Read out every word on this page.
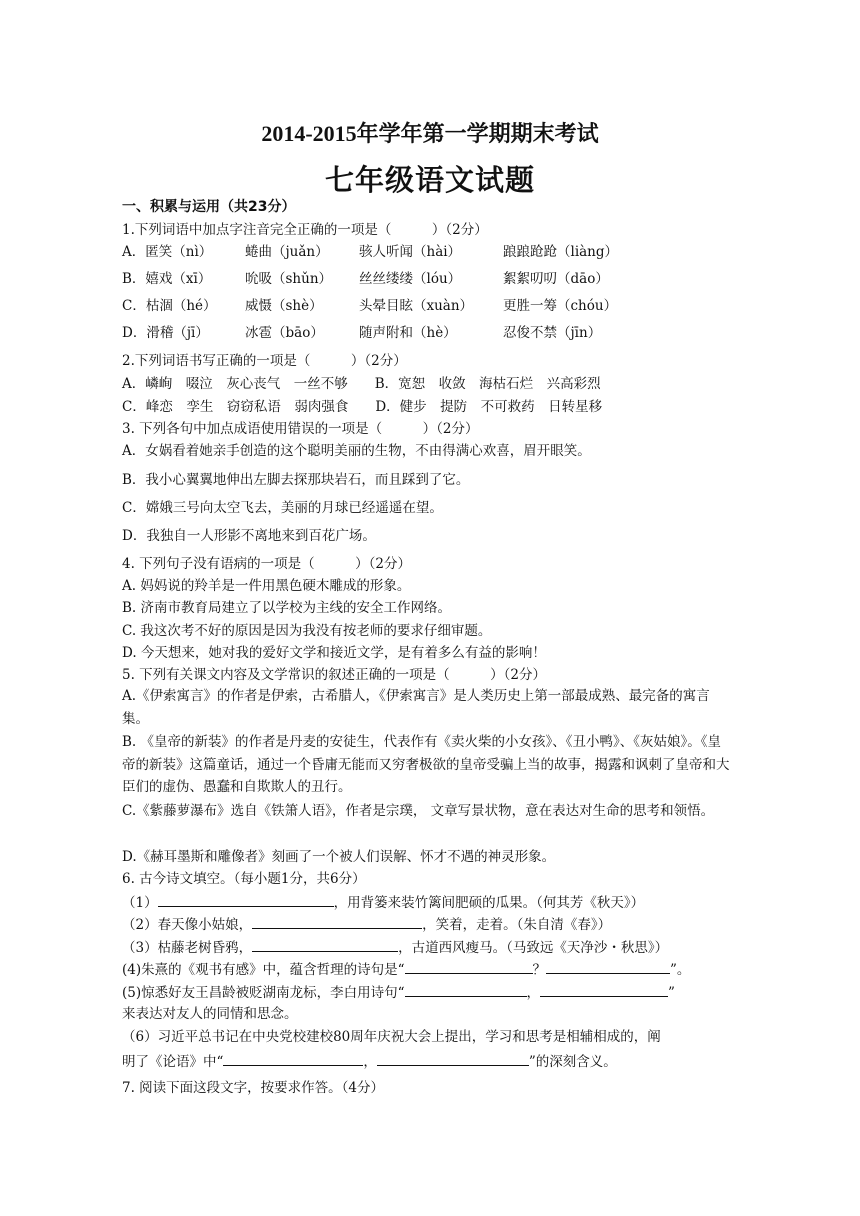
2014-2015年学年第一学期期末考试
七年级语文试题
一、积累与运用（共23分）
1.下列词语中加点字注音完全正确的一项是（　　　）（2分）
A．匿笑（nì） 蜷曲（juǎn） 骇人听闻（hài）	踉踉跄跄（liàng）
B．嬉戏（xī） 吮吸（shǔn） 丝丝缕缕（lóu）	絮絮叨叨（dāo）
C．枯涸（hé） 威慑（shè）	头晕目眩（xuàn） 更胜一筹（chóu）
D．滑稽（jī）	冰雹（bāo）	随声附和（hè）	忍俊不禁（jīn）
2.下列词语书写正确的一项是（　　　）（2分）
A．嶙峋　啜泣　灰心丧气　一丝不够　　B．宽恕　收敛　海枯石烂　兴高彩烈
C．峰恋　孪生　窃窃私语　弱肉强食　　D．健步　提防　不可救药　日转星移
3. 下列各句中加点成语使用错误的一项是（　　　）（2分）
A．女娲看着她亲手创造的这个聪明美丽的生物，不由得满心欢喜，眉开眼笑。
B．我小心翼翼地伸出左脚去探那块岩石，而且踩到了它。
C．嫦娥三号向太空飞去，美丽的月球已经遥遥在望。
D．我独自一人形影不离地来到百花广场。
4. 下列句子没有语病的一项是（　　　）（2分）
A. 妈妈说的羚羊是一件用黑色硬木雕成的形象。
B. 济南市教育局建立了以学校为主线的安全工作网络。
C. 我这次考不好的原因是因为我没有按老师的要求仔细审题。
D. 今天想来，她对我的爱好文学和接近文学，是有着多么有益的影响！
5. 下列有关课文内容及文学常识的叙述正确的一项是（　　　）（2分）
A.《伊索寓言》的作者是伊索，古希腊人，《伊索寓言》是人类历史上第一部最成熟、最完备的寓言集。
B. 《皇帝的新装》的作者是丹麦的安徒生，代表作有《卖火柴的小女孩》、《丑小鸭》、《灰姑娘》。《皇帝的新装》这篇童话，通过一个昏庸无能而又穷奢极欲的皇帝受骗上当的故事，揭露和讽刺了皇帝和大臣们的虚伪、愚蠢和自欺欺人的丑行。
C.《紫藤萝瀑布》选自《铁箫人语》，作者是宗璞， 文章写景状物，意在表达对生命的思考和领悟。
D.《赫耳墨斯和雕像者》刻画了一个被人们误解、怀才不遇的神灵形象。
6. 古今诗文填空。（每小题1分，共6分）
（1）	，用背篓来装竹篱间肥硕的瓜果。（何其芳《秋天》）
（2）春天像小姑娘，	，笑着，走着。（朱自清《春》）
（3）枯藤老树昏鸦，	，古道西风瘦马。（马致远《天净沙・秋思》）
(4)朱熹的《观书有感》中，蕴含哲理的诗句是“	？	”。
(5)惊悉好友王昌龄被贬湖南龙标，李白用诗句“	，	”
来表达对友人的同情和思念。
（6）习近平总书记在中央党校建校80周年庆祝大会上提出，学习和思考是相辅相成的，阐
明了《论语》中“	，	”的深刻含义。
7. 阅读下面这段文字，按要求作答。（4分）
